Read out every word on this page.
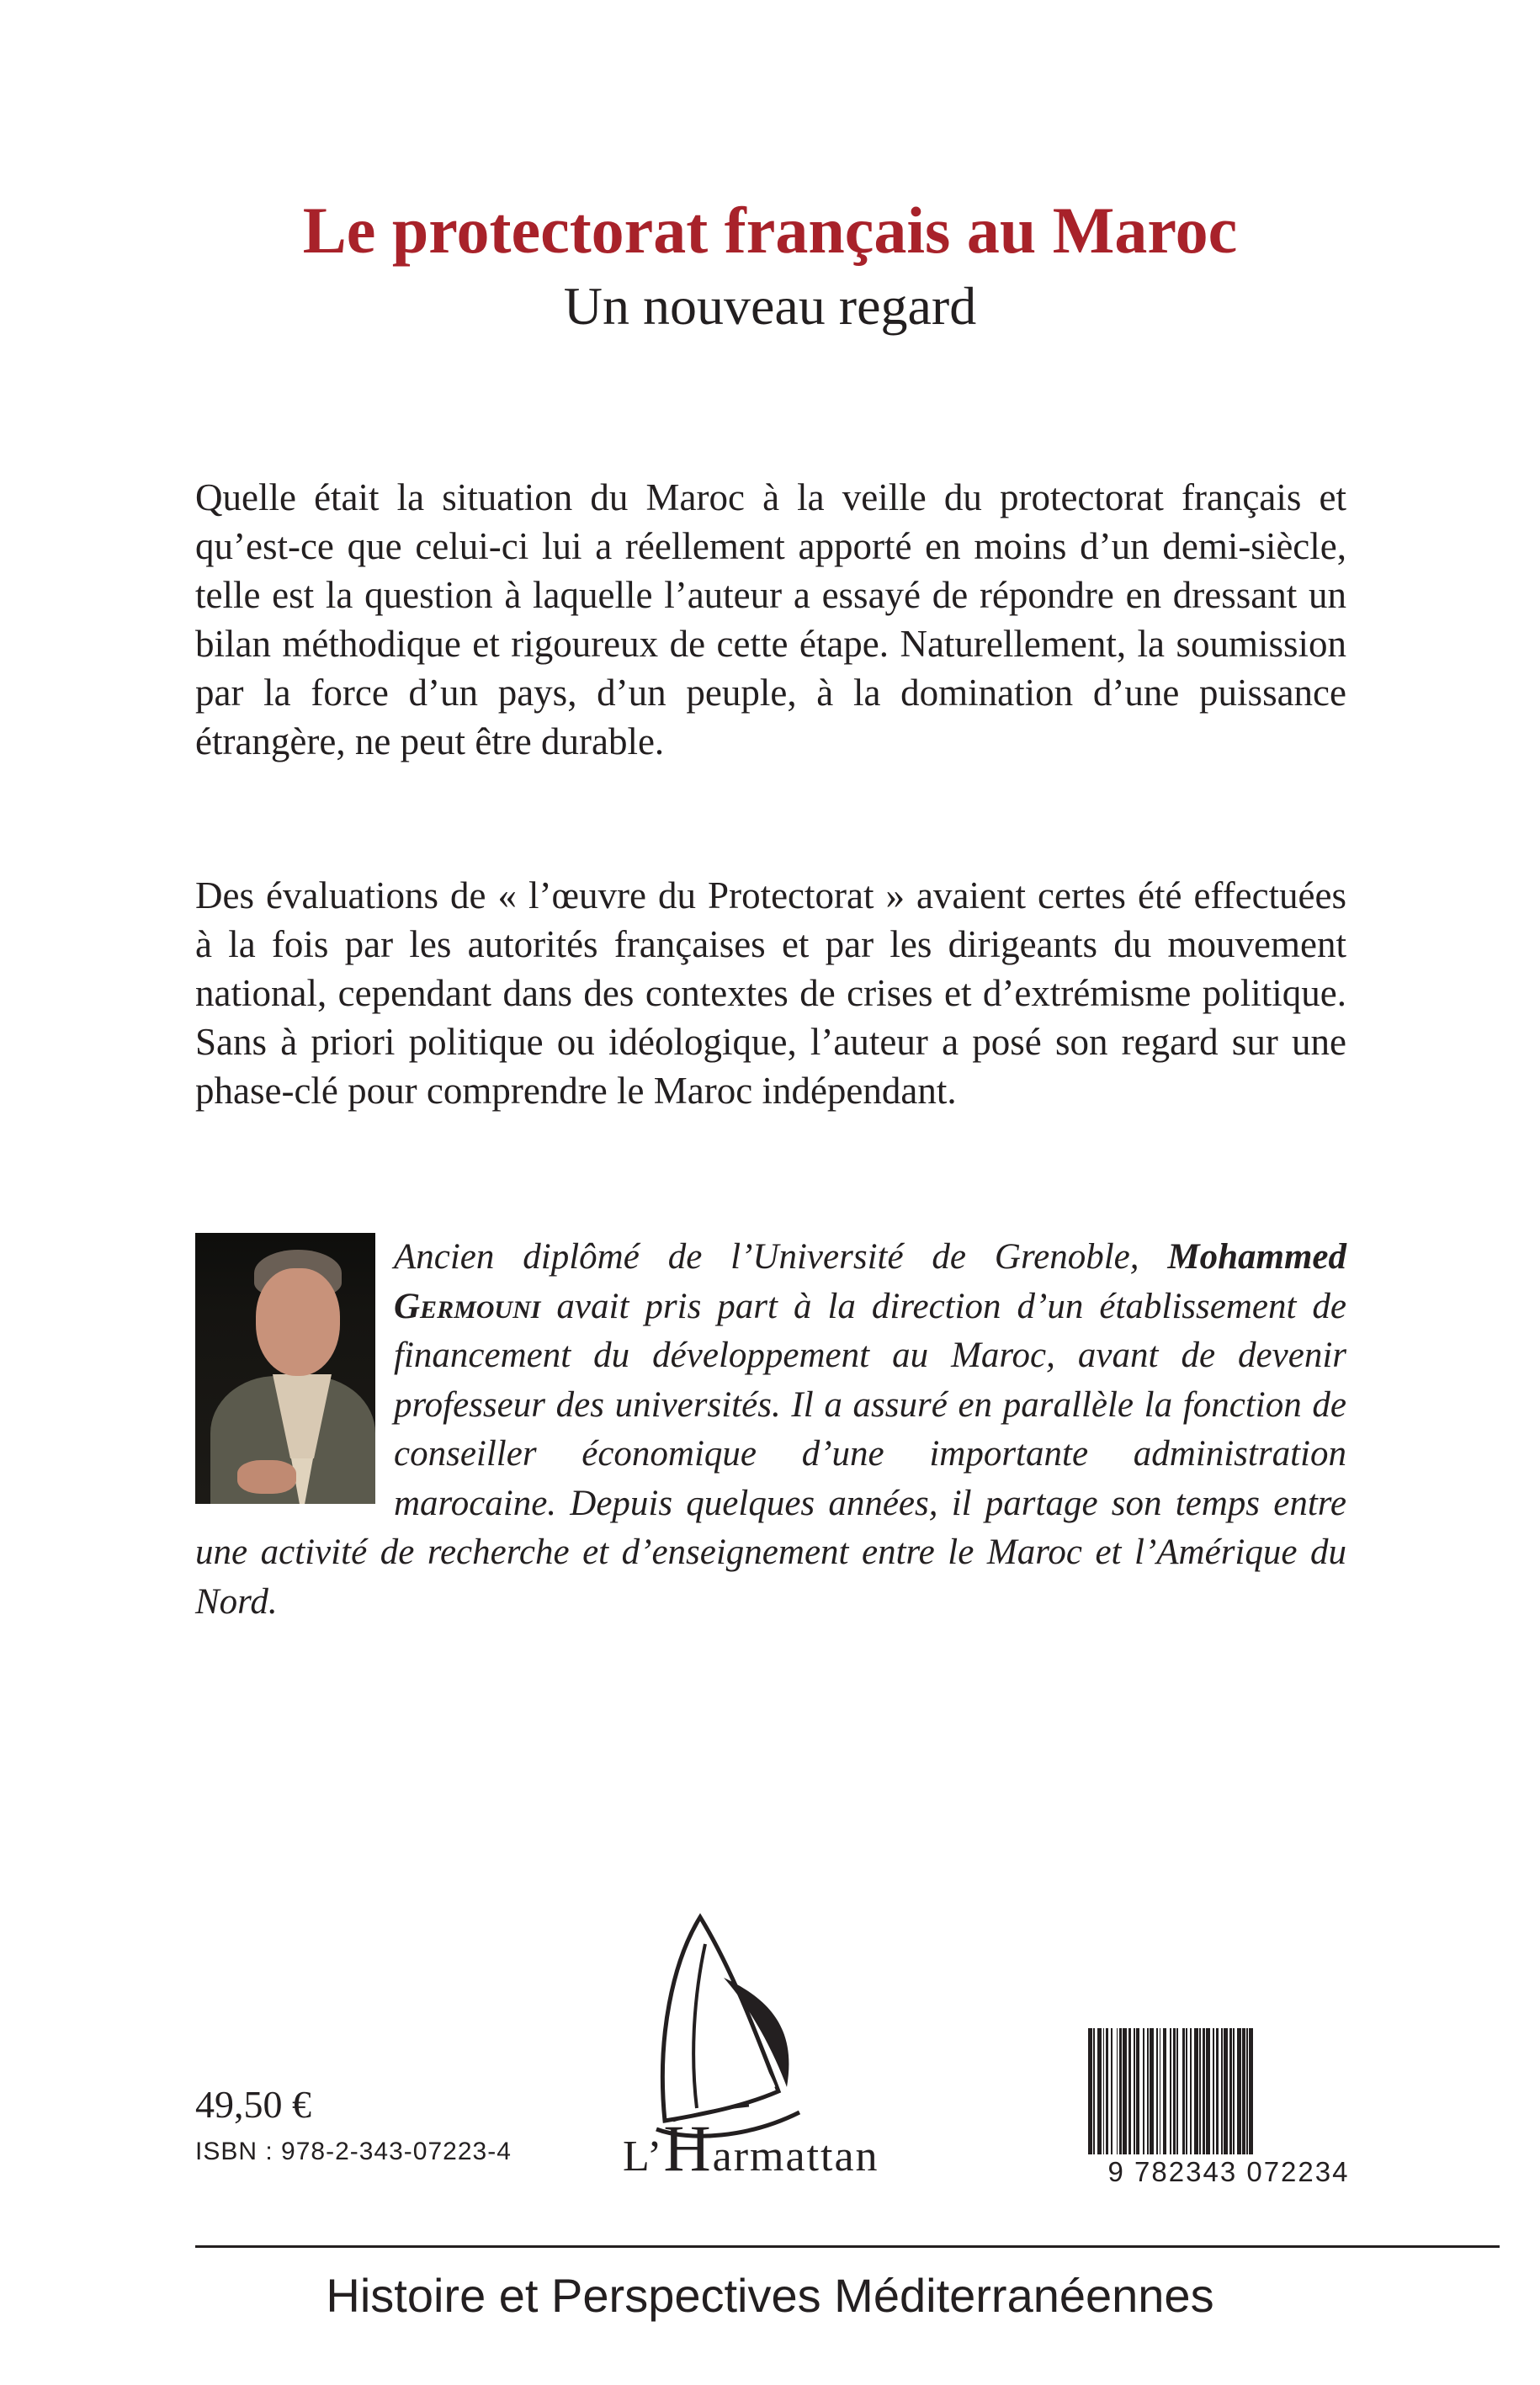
Le protectorat français au Maroc
Un nouveau regard

Quelle était la situation du Maroc à la veille du protectorat français et qu’est-ce que celui-ci lui a réellement apporté en moins d’un demi-siècle, telle est la question à laquelle l’auteur a essayé de répondre en dressant un bilan méthodique et rigoureux de cette étape. Naturellement, la soumission par la force d’un pays, d’un peuple, à la domination d’une puissance étrangère, ne peut être durable.

Des évaluations de « l’œuvre du Protectorat » avaient certes été effectuées à la fois par les autorités françaises et par les dirigeants du mouvement national, cependant dans des contextes de crises et d’extrémisme politique. Sans à priori politique ou idéologique, l’auteur a posé son regard sur une phase-clé pour comprendre le Maroc indépendant.

Ancien diplômé de l’Université de Grenoble, Mohammed Germouni avait pris part à la direction d’un établissement de financement du développement au Maroc, avant de devenir professeur des universités. Il a assuré en parallèle la fonction de conseiller économique d’une importante administration marocaine. Depuis quelques années, il partage son temps entre une activité de recherche et d’enseignement entre le Maroc et l’Amérique du Nord.

49,50 €
ISBN : 978-2-343-07223-4	L’Harmattan	9 782343 072234
Histoire et Perspectives Méditerranéennes
